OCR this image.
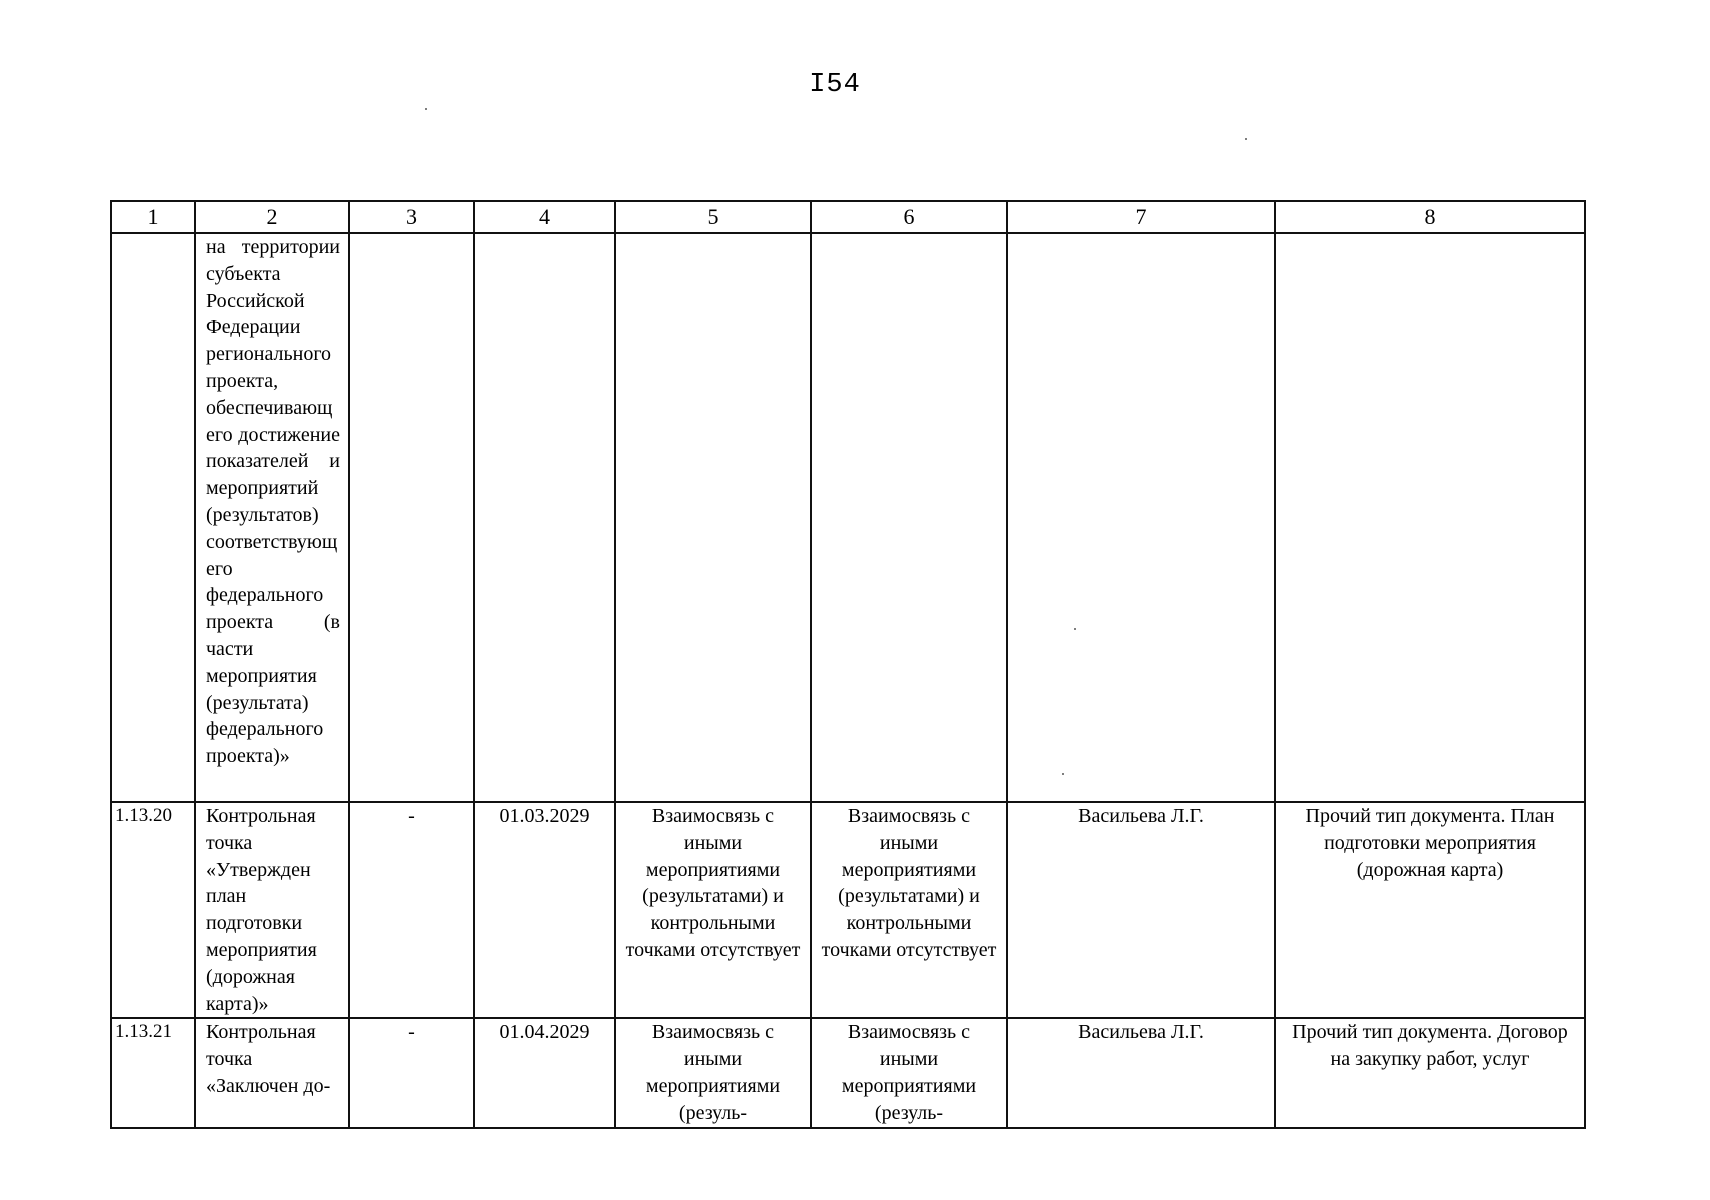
I54
1	2	3	4	5	6	7	8
	на территории субъекта Российской Федерации регионального проекта, обеспечивающего достижение показателей и мероприятий (результатов) соответствующего федерального проекта (в части мероприятия (результата) федерального проекта)»						
1.13.20	Контрольная точка «Утвержден план подготовки мероприятия (дорожная карта)»	-	01.03.2029	Взаимосвязь с иными мероприятиями (результатами) и контрольными точками отсутствует	Взаимосвязь с иными мероприятиями (результатами) и контрольными точками отсутствует	Васильева Л.Г.	Прочий тип документа. План подготовки мероприятия (дорожная карта)
1.13.21	Контрольная точка «Заключен до-	-	01.04.2029	Взаимосвязь с иными мероприятиями (резуль-	Взаимосвязь с иными мероприятиями (резуль-	Васильева Л.Г.	Прочий тип документа. Договор на закупку работ, услуг
